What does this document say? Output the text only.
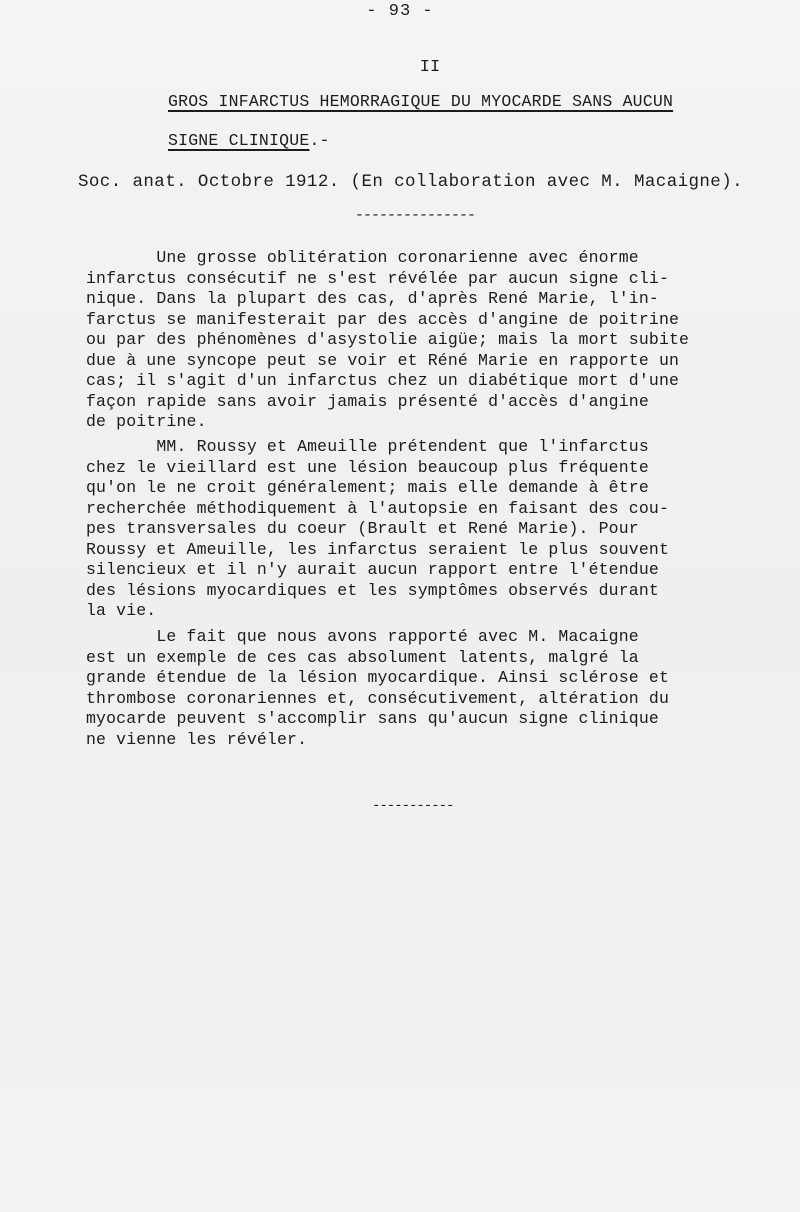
- 93 -
II
GROS INFARCTUS HEMORRAGIQUE DU MYOCARDE SANS AUCUN
SIGNE CLINIQUE.-
Soc. anat. Octobre 1912. (En collaboration avec M. Macaigne).
---------------
Une grosse oblitération coronarienne avec énorme
infarctus consécutif ne s'est révélée par aucun signe cli-
nique. Dans la plupart des cas, d'après René Marie, l'in-
farctus se manifesterait par des accès d'angine de poitrine
ou par des phénomènes d'asystolie aigüe; mais la mort subite
due à une syncope peut se voir et Réné Marie en rapporte un
cas; il s'agit d'un infarctus chez un diabétique mort d'une
façon rapide sans avoir jamais présenté d'accès d'angine
de poitrine.
MM. Roussy et Ameuille prétendent que l'infarctus
chez le vieillard est une lésion beaucoup plus fréquente
qu'on le ne croit généralement; mais elle demande à être
recherchée méthodiquement à l'autopsie en faisant des cou-
pes transversales du coeur (Brault et René Marie). Pour
Roussy et Ameuille, les infarctus seraient le plus souvent
silencieux et il n'y aurait aucun rapport entre l'étendue
des lésions myocardiques et les symptômes observés durant
la vie.
Le fait que nous avons rapporté avec M. Macaigne
est un exemple de ces cas absolument latents, malgré la
grande étendue de la lésion myocardique. Ainsi sclérose et
thrombose coronariennes et, consécutivement, altération du
myocarde peuvent s'accomplir sans qu'aucun signe clinique
ne vienne les révéler.
-----------
